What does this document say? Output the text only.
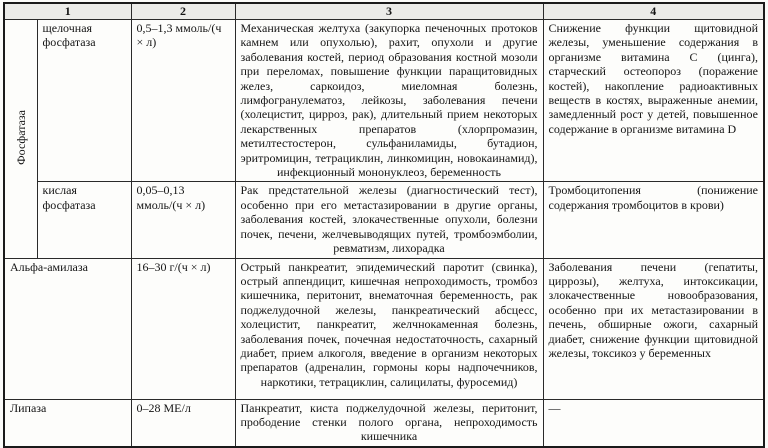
1		2	3	4
Фосфатаза	щелочная фосфатаза	0,5–1,3 ммоль/(ч × л)	Механическая желтуха (закупорка печеночных протоков камнем или опухолью), рахит, опухоли и другие заболевания костей, период образования костной мозоли при переломах, повышение функции паращитовидных желез, саркоидоз, миеломная болезнь, лимфогранулематоз, лейкозы, заболевания печени (холецистит, цирроз, рак), длительный прием некоторых лекарственных препаратов (хлорпромазин, метилтестостерон, сульфаниламиды, бутадион, эритромицин, тетрациклин, линкомицин, новокаинамид), инфекционный мононуклеоз, беременность	Снижение функции щитовидной железы, уменьшение содержания в организме витамина С (цинга), старческий остеопороз (поражение костей), накопление радиоактивных веществ в костях, выраженные анемии, замедленный рост у детей, повышенное содержание в организме витамина D
	кислая фосфатаза	0,05–0,13 ммоль/(ч × л)	Рак предстательной железы (диагностический тест), особенно при его метастазировании в другие органы, заболевания костей, злокачественные опухоли, болезни почек, печени, желчевыводящих путей, тромбоэмболии, ревматизм, лихорадка	Тромбоцитопения (понижение содержания тромбоцитов в крови)
Альфа-амилаза	16–30 г/(ч × л)	Острый панкреатит, эпидемический паротит (свинка), острый аппендицит, кишечная непроходимость, тромбоз кишечника, перитонит, внематочная беременность, рак поджелудочной железы, панкреатический абсцесс, холецистит, панкреатит, желчнокаменная болезнь, заболевания почек, почечная недостаточность, сахарный диабет, прием алкоголя, введение в организм некоторых препаратов (адреналин, гормоны коры надпочечников, наркотики, тетрациклин, салицилаты, фуросемид)	Заболевания печени (гепатиты, циррозы), желтуха, интоксикации, злокачественные новообразования, особенно при их метастазировании в печень, обширные ожоги, сахарный диабет, снижение функции щитовидной железы, токсикоз у беременных
Липаза		0–28 МЕ/л	Панкреатит, киста поджелудочной железы, перитонит, прободение стенки полого органа, непроходимость кишечника	—
